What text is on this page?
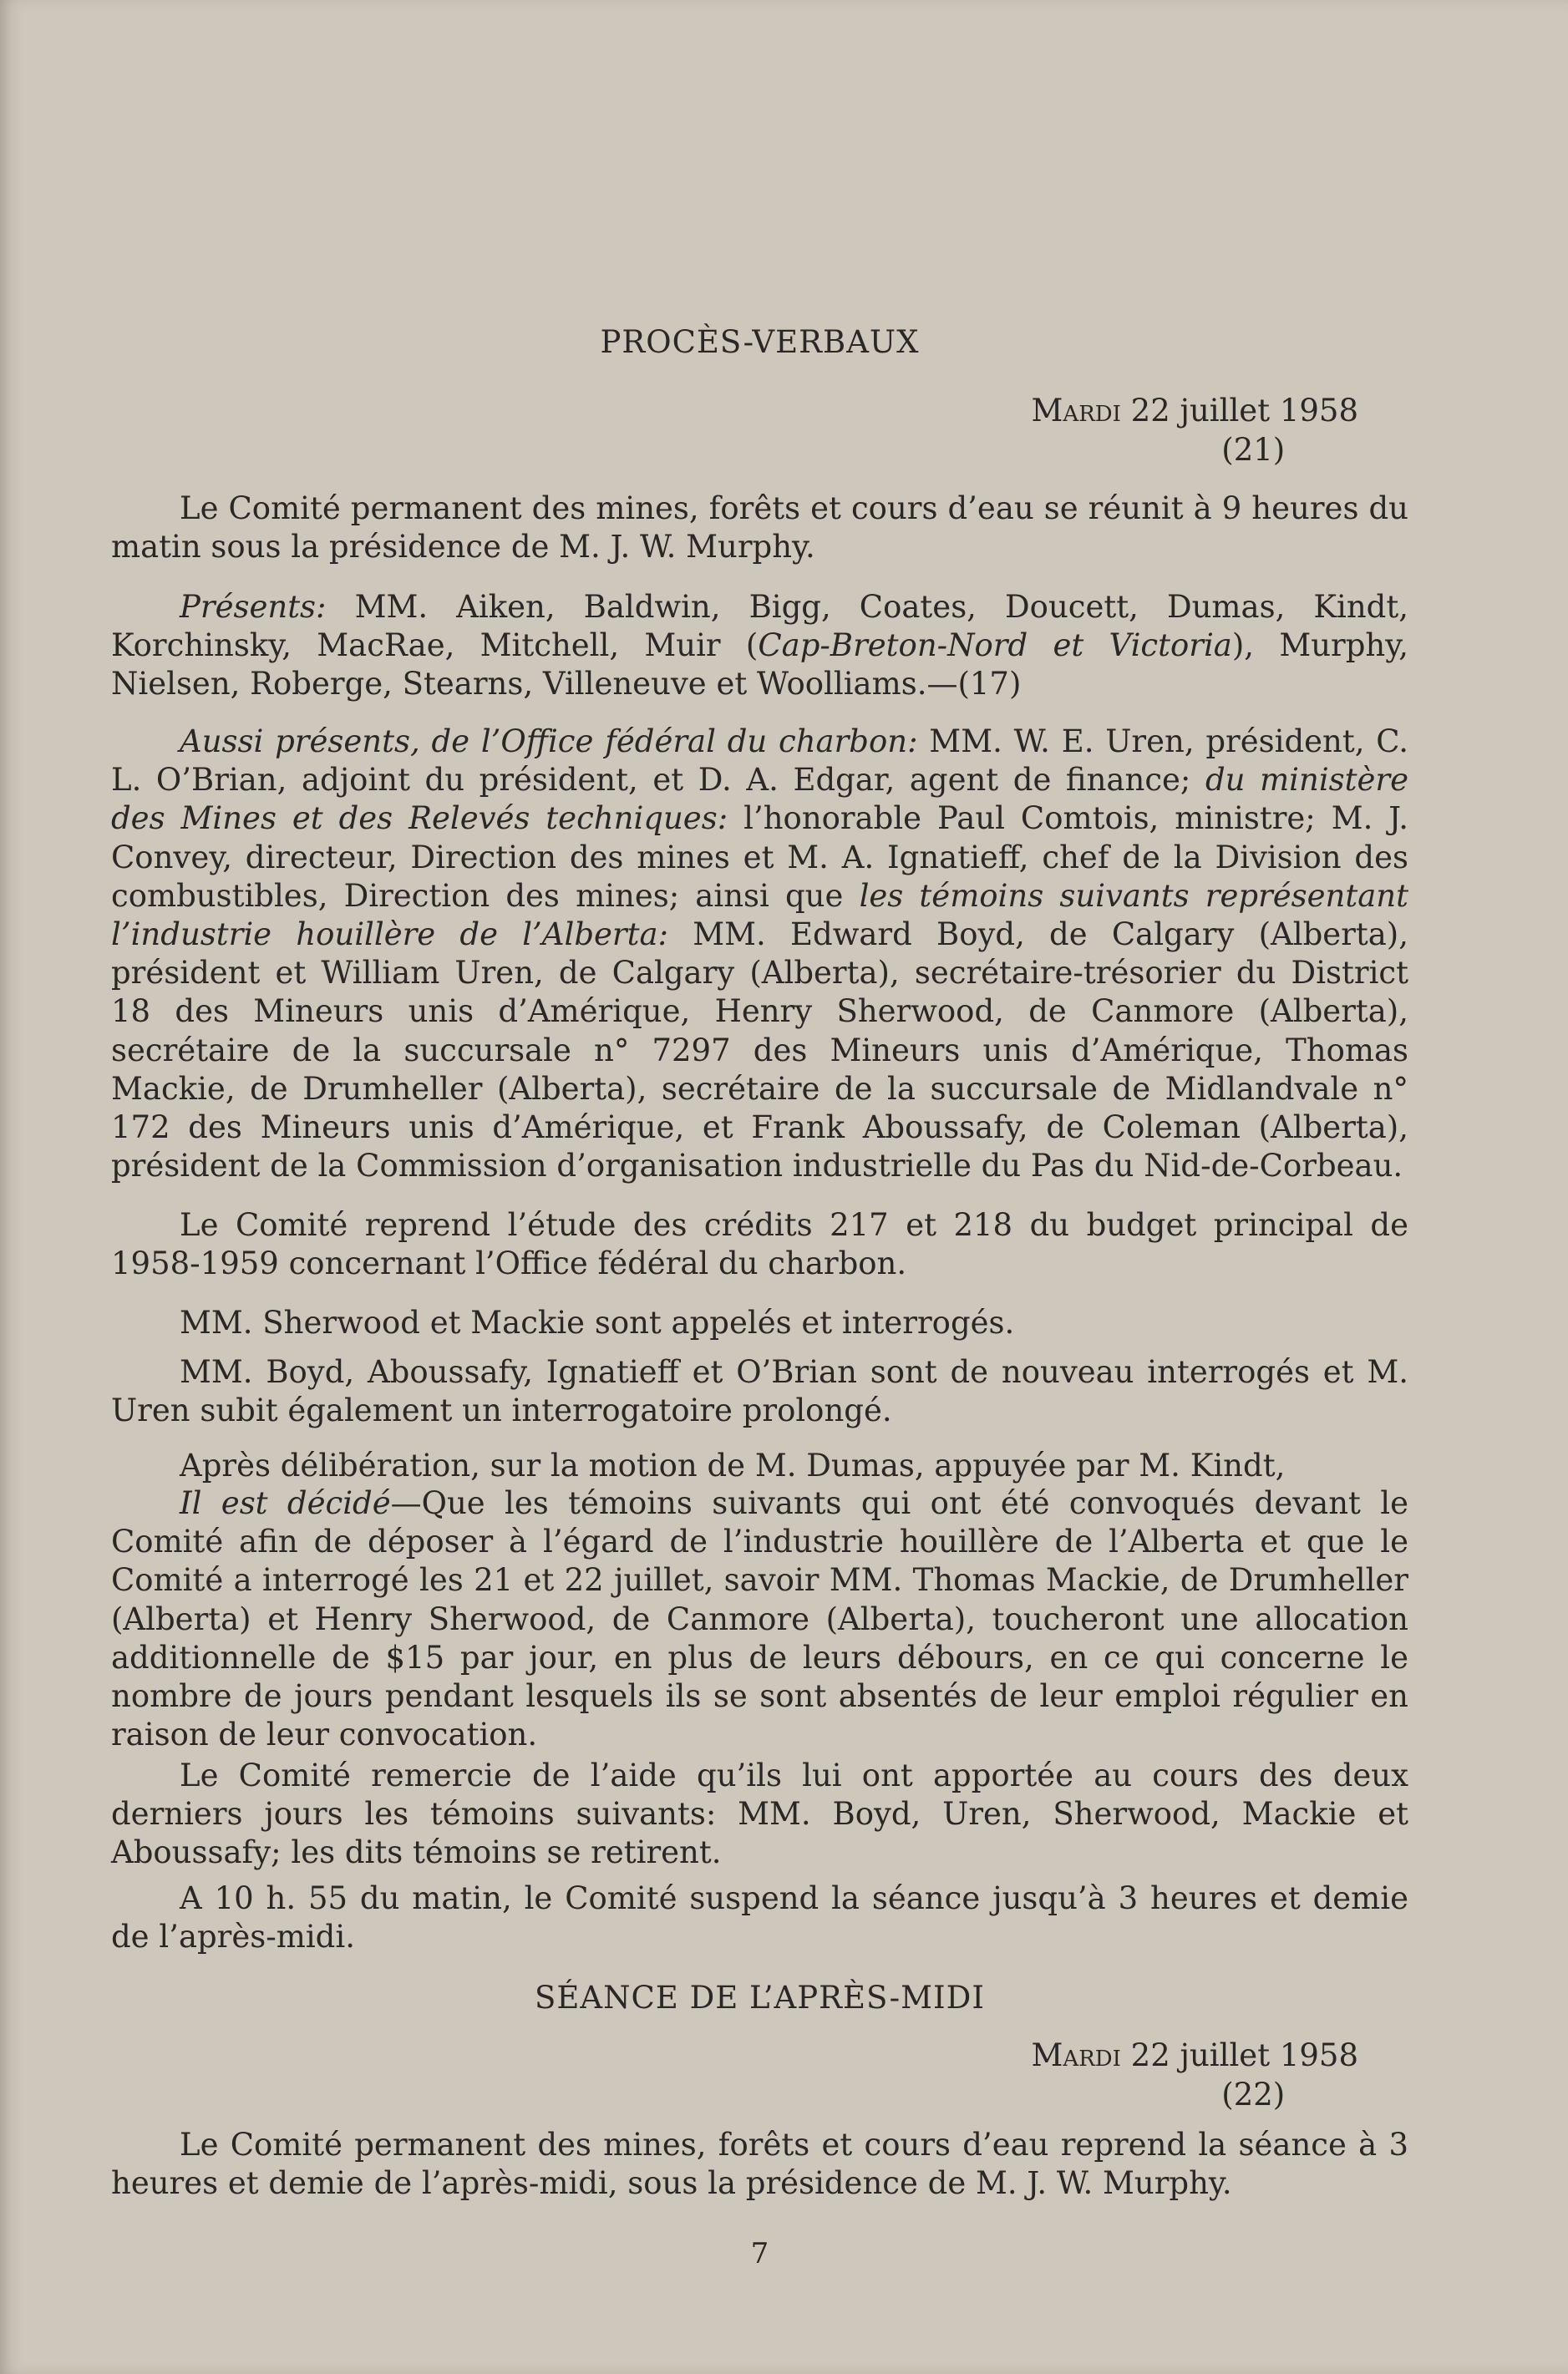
PROCÈS-VERBAUX
Mardi 22 juillet 1958
(21)

Le Comité permanent des mines, forêts et cours d’eau se réunit à 9 heures du matin sous la présidence de M. J. W. Murphy.

Présents: MM. Aiken, Baldwin, Bigg, Coates, Doucett, Dumas, Kindt, Korchinsky, MacRae, Mitchell, Muir (Cap-Breton-Nord et Victoria), Murphy, Nielsen, Roberge, Stearns, Villeneuve et Woolliams.—(17)

Aussi présents, de l’Office fédéral du charbon: MM. W. E. Uren, président, C. L. O’Brian, adjoint du président, et D. A. Edgar, agent de finance; du ministère des Mines et des Relevés techniques: l’honorable Paul Comtois, ministre; M. J. Convey, directeur, Direction des mines et M. A. Ignatieff, chef de la Division des combustibles, Direction des mines; ainsi que les témoins suivants représentant l’industrie houillère de l’Alberta: MM. Edward Boyd, de Calgary (Alberta), président et William Uren, de Calgary (Alberta), secrétaire-trésorier du District 18 des Mineurs unis d’Amérique, Henry Sherwood, de Canmore (Alberta), secrétaire de la succursale n° 7297 des Mineurs unis d’Amérique, Thomas Mackie, de Drumheller (Alberta), secrétaire de la succursale de Midlandvale n° 172 des Mineurs unis d’Amérique, et Frank Aboussafy, de Coleman (Alberta), président de la Commission d’organisation industrielle du Pas du Nid-de-Corbeau.

Le Comité reprend l’étude des crédits 217 et 218 du budget principal de 1958-1959 concernant l’Office fédéral du charbon.

MM. Sherwood et Mackie sont appelés et interrogés.

MM. Boyd, Aboussafy, Ignatieff et O’Brian sont de nouveau interrogés et M. Uren subit également un interrogatoire prolongé.

Après délibération, sur la motion de M. Dumas, appuyée par M. Kindt,

Il est décidé—Que les témoins suivants qui ont été convoqués devant le Comité afin de déposer à l’égard de l’industrie houillère de l’Alberta et que le Comité a interrogé les 21 et 22 juillet, savoir MM. Thomas Mackie, de Drumheller (Alberta) et Henry Sherwood, de Canmore (Alberta), toucheront une allocation additionnelle de $15 par jour, en plus de leurs débours, en ce qui concerne le nombre de jours pendant lesquels ils se sont absentés de leur emploi régulier en raison de leur convocation.

Le Comité remercie de l’aide qu’ils lui ont apportée au cours des deux derniers jours les témoins suivants: MM. Boyd, Uren, Sherwood, Mackie et Aboussafy; les dits témoins se retirent.

A 10 h. 55 du matin, le Comité suspend la séance jusqu’à 3 heures et demie de l’après-midi.

SÉANCE DE L’APRÈS-MIDI
Mardi 22 juillet 1958
(22)

Le Comité permanent des mines, forêts et cours d’eau reprend la séance à 3 heures et demie de l’après-midi, sous la présidence de M. J. W. Murphy.

7
